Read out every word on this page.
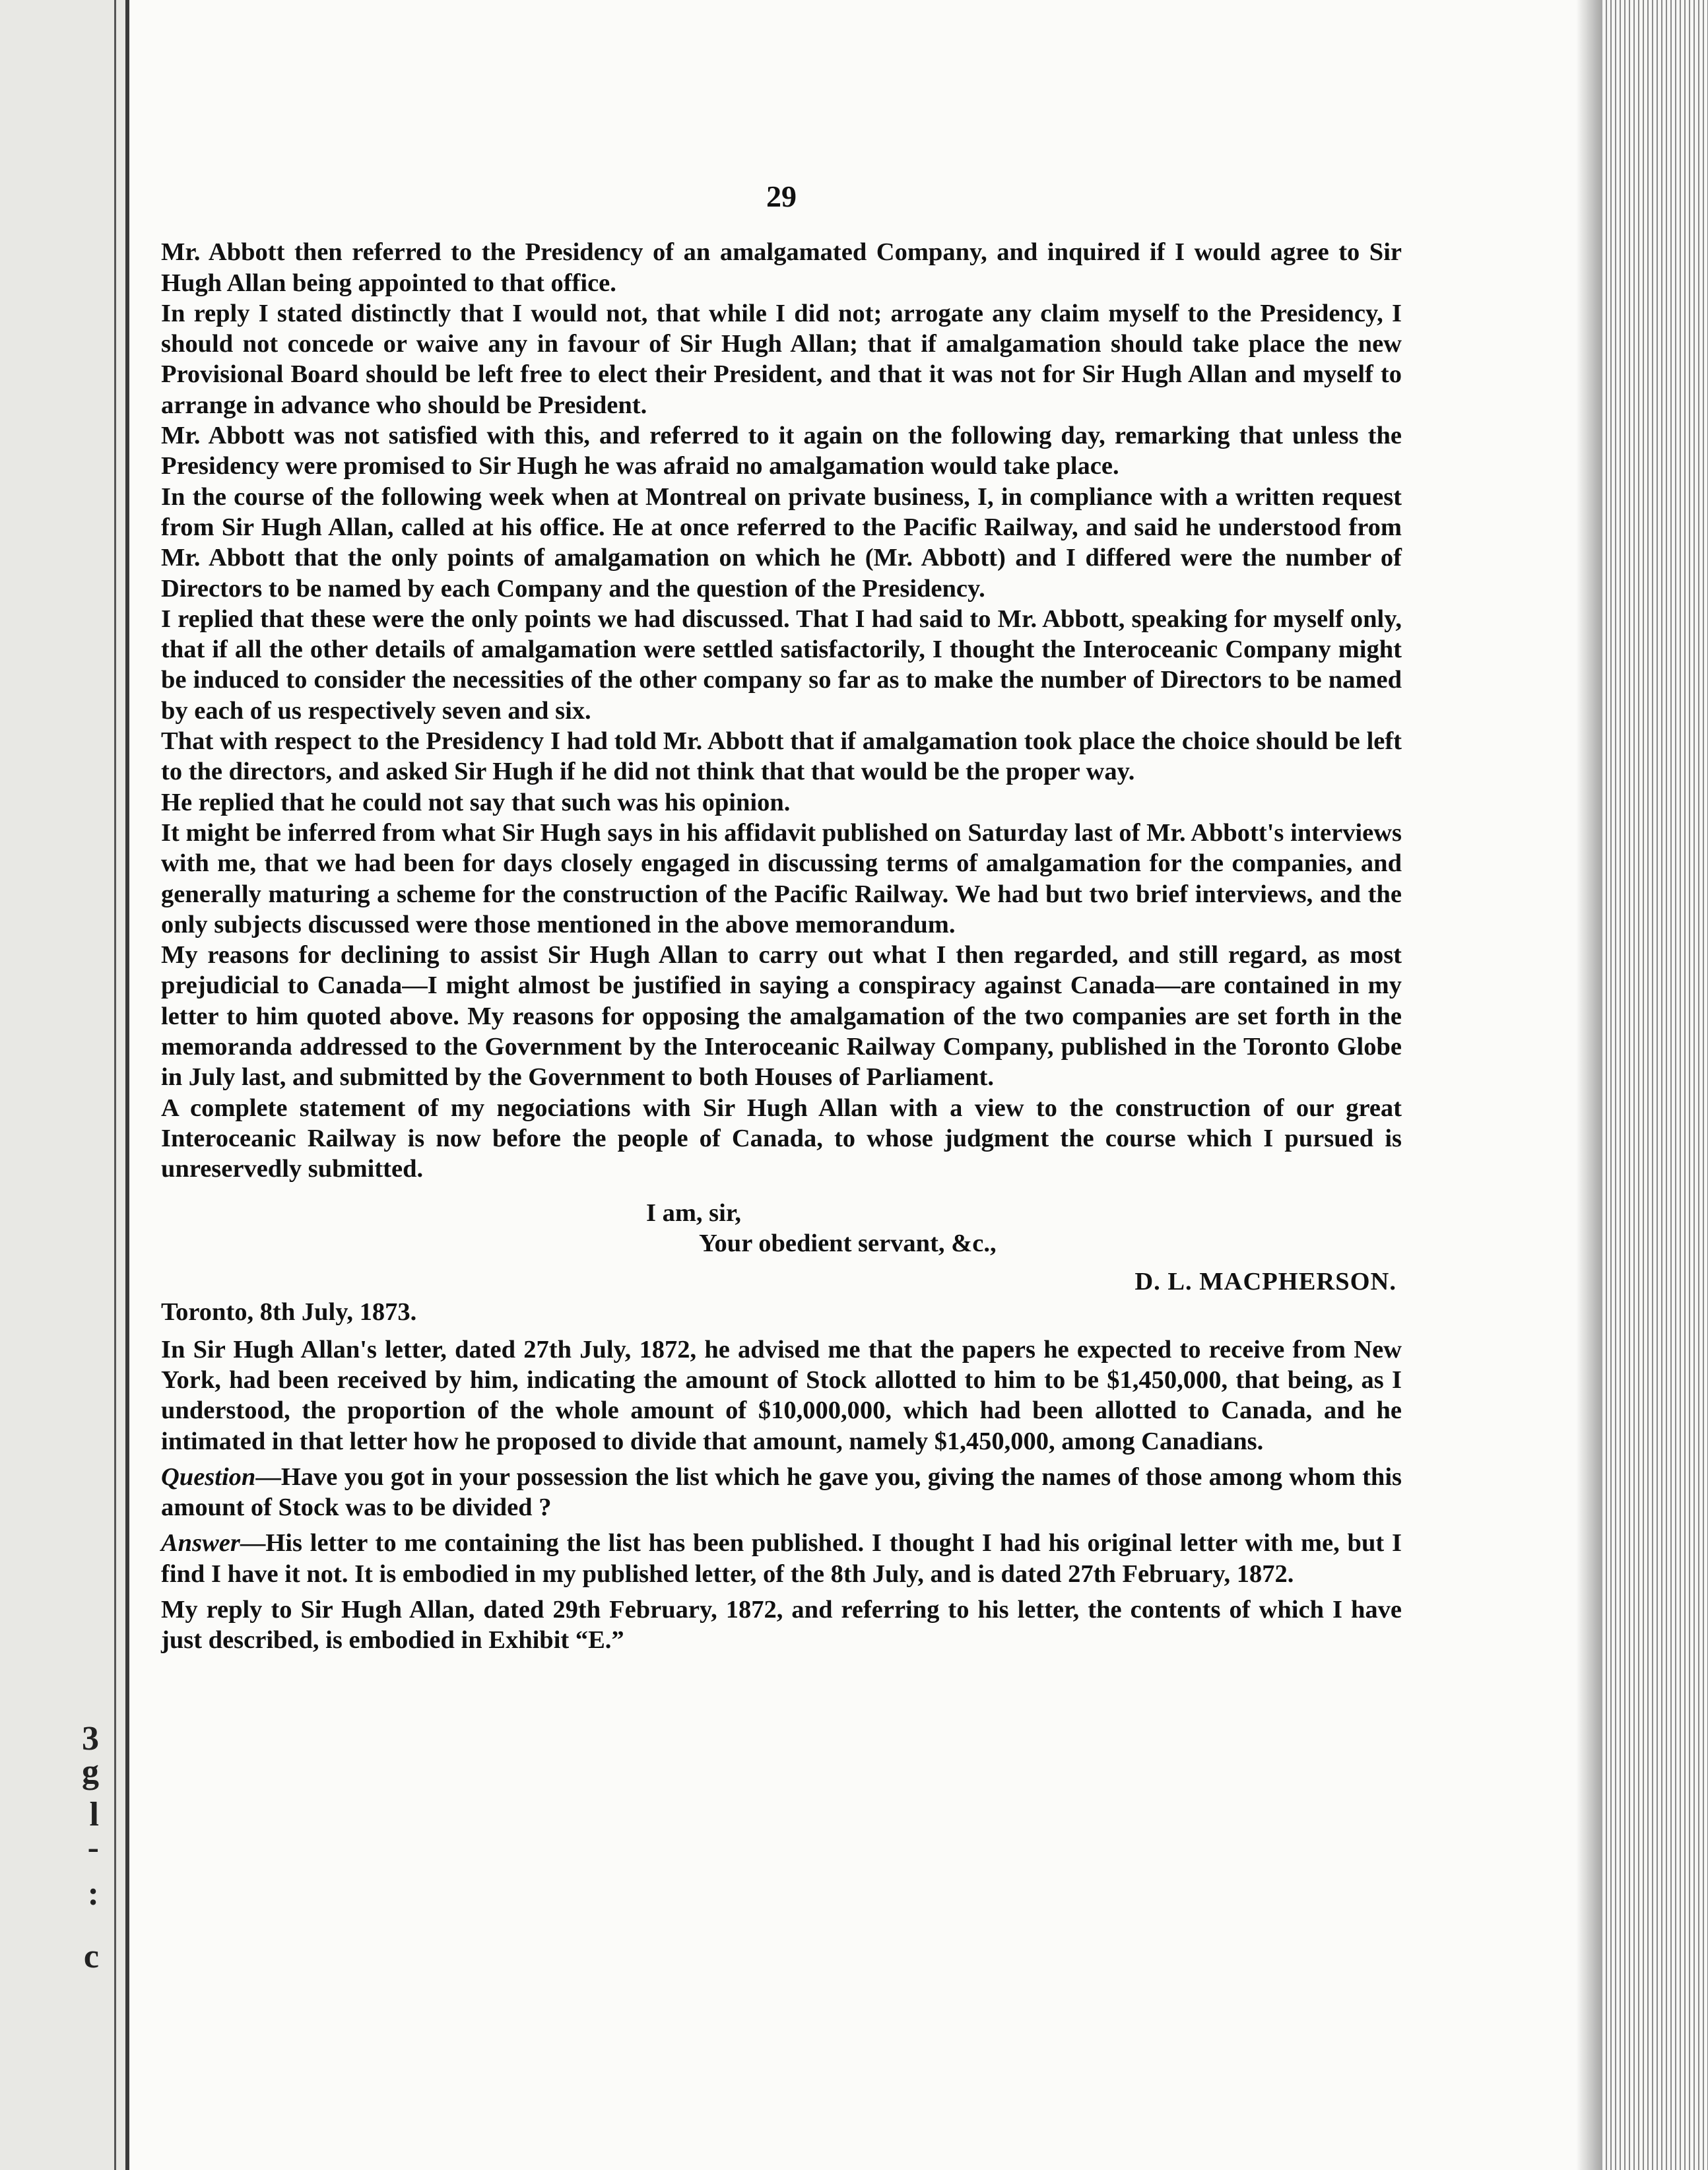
3
g
l
-
:
c
29

Mr. Abbott then referred to the Presidency of an amalgamated Company, and inquired if I would agree to Sir Hugh Allan being appointed to that office.

In reply I stated distinctly that I would not, that while I did not; arrogate any claim myself to the Presidency, I should not concede or waive any in favour of Sir Hugh Allan; that if amalgamation should take place the new Provisional Board should be left free to elect their President, and that it was not for Sir Hugh Allan and myself to arrange in advance who should be President.

Mr. Abbott was not satisfied with this, and referred to it again on the following day, remarking that unless the Presidency were promised to Sir Hugh he was afraid no amalgamation would take place.

In the course of the following week when at Montreal on private business, I, in compliance with a written request from Sir Hugh Allan, called at his office. He at once referred to the Pacific Railway, and said he understood from Mr. Abbott that the only points of amalgamation on which he (Mr. Abbott) and I differed were the number of Directors to be named by each Company and the question of the Presidency.

I replied that these were the only points we had discussed. That I had said to Mr. Abbott, speaking for myself only, that if all the other details of amalgamation were settled satisfactorily, I thought the Interoceanic Company might be induced to consider the necessities of the other company so far as to make the number of Directors to be named by each of us respectively seven and six.

That with respect to the Presidency I had told Mr. Abbott that if amalgamation took place the choice should be left to the directors, and asked Sir Hugh if he did not think that that would be the proper way.

He replied that he could not say that such was his opinion.

It might be inferred from what Sir Hugh says in his affidavit published on Saturday last of Mr. Abbott's interviews with me, that we had been for days closely engaged in discussing terms of amalgamation for the companies, and generally maturing a scheme for the construction of the Pacific Railway. We had but two brief interviews, and the only subjects discussed were those mentioned in the above memorandum.

My reasons for declining to assist Sir Hugh Allan to carry out what I then regarded, and still regard, as most prejudicial to Canada—I might almost be justified in saying a conspiracy against Canada—are contained in my letter to him quoted above. My reasons for opposing the amalgamation of the two companies are set forth in the memoranda addressed to the Government by the Interoceanic Railway Company, published in the Toronto Globe in July last, and submitted by the Government to both Houses of Parliament.

A complete statement of my negociations with Sir Hugh Allan with a view to the construction of our great Interoceanic Railway is now before the people of Canada, to whose judgment the course which I pursued is unreservedly submitted.

I am, sir,

Your obedient servant, &c.,

D. L. MACPHERSON.

Toronto, 8th July, 1873.

In Sir Hugh Allan's letter, dated 27th July, 1872, he advised me that the papers he expected to receive from New York, had been received by him, indicating the amount of Stock allotted to him to be $1,450,000, that being, as I understood, the proportion of the whole amount of $10,000,000, which had been allotted to Canada, and he intimated in that letter how he proposed to divide that amount, namely $1,450,000, among Canadians.

Question—Have you got in your possession the list which he gave you, giving the names of those among whom this amount of Stock was to be divided ?

Answer—His letter to me containing the list has been published. I thought I had his original letter with me, but I find I have it not. It is embodied in my published letter, of the 8th July, and is dated 27th February, 1872.

My reply to Sir Hugh Allan, dated 29th February, 1872, and referring to his letter, the contents of which I have just described, is embodied in Exhibit “E.”
